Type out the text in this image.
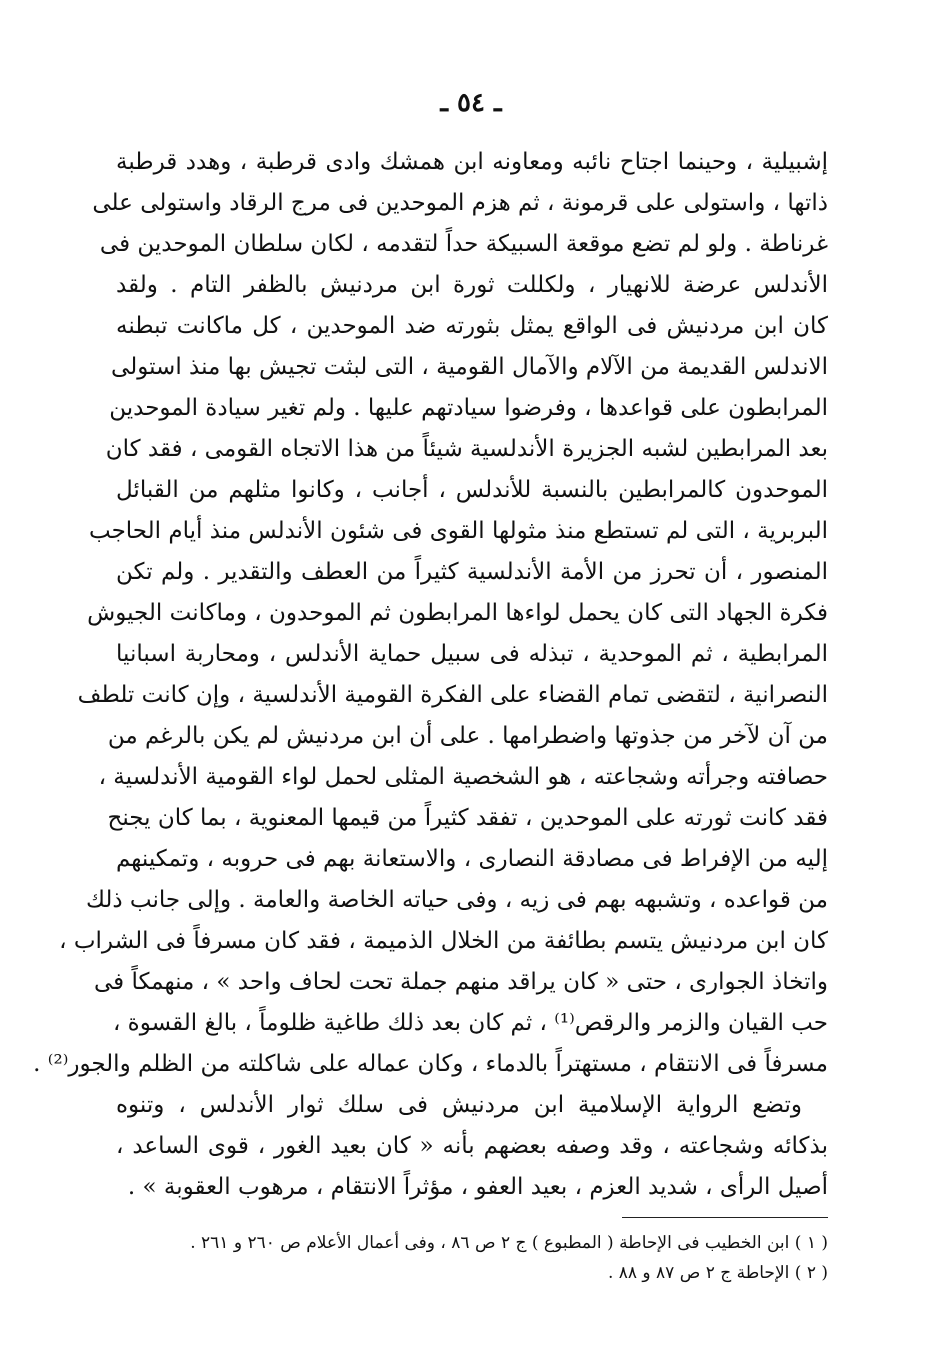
ـ ٥٤ ـ
إشبيلية ، وحينما اجتاح نائبه ومعاونه ابن همشك وادى قرطبة ، وهدد قرطبة
ذاتها ، واستولى على قرمونة ، ثم هزم الموحدين فى مرج الرقاد واستولى على
غرناطة . ولو لم تضع موقعة السبيكة حداً لتقدمه ، لكان سلطان الموحدين فى
الأندلس عرضة للانهيار ، ولكللت ثورة ابن مردنيش بالظفر التام . ولقد
كان ابن مردنيش فى الواقع يمثل بثورته ضد الموحدين ، كل ماكانت تبطنه
الاندلس القديمة من الآلام والآمال القومية ، التى لبثت تجيش بها منذ استولى
المرابطون على قواعدها ، وفرضوا سيادتهم عليها . ولم تغير سيادة الموحدين
بعد المرابطين لشبه الجزيرة الأندلسية شيئاً من هذا الاتجاه القومى ، فقد كان
الموحدون كالمرابطين بالنسبة للأندلس ، أجانب ، وكانوا مثلهم من القبائل
البربرية ، التى لم تستطع منذ مثولها القوى فى شئون الأندلس منذ أيام الحاجب
المنصور ، أن تحرز من الأمة الأندلسية كثيراً من العطف والتقدير . ولم تكن
فكرة الجهاد التى كان يحمل لواءها المرابطون ثم الموحدون ، وماكانت الجيوش
المرابطية ، ثم الموحدية ، تبذله فى سبيل حماية الأندلس ، ومحاربة اسبانيا
النصرانية ، لتقضى تمام القضاء على الفكرة القومية الأندلسية ، وإن كانت تلطف
من آن لآخر من جذوتها واضطرامها . على أن ابن مردنيش لم يكن بالرغم من
حصافته وجرأته وشجاعته ، هو الشخصية المثلى لحمل لواء القومية الأندلسية ،
فقد كانت ثورته على الموحدين ، تفقد كثيراً من قيمها المعنوية ، بما كان يجنح
إليه من الإفراط فى مصادقة النصارى ، والاستعانة بهم فى حروبه ، وتمكينهم
من قواعده ، وتشبهه بهم فى زيه ، وفى حياته الخاصة والعامة . وإلى جانب ذلك
كان ابن مردنيش يتسم بطائفة من الخلال الذميمة ، فقد كان مسرفاً فى الشراب ،
واتخاذ الجوارى ، حتى « كان يراقد منهم جملة تحت لحاف واحد » ، منهمكاً فى
حب القيان والزمر والرقص⁽¹⁾ ، ثم كان بعد ذلك طاغية ظلوماً ، بالغ القسوة ،
مسرفاً فى الانتقام ، مستهتراً بالدماء ، وكان عماله على شاكلته من الظلم والجور⁽²⁾ .
وتضع الرواية الإسلامية ابن مردنيش فى سلك ثوار الأندلس ، وتنوه
بذكائه وشجاعته ، وقد وصفه بعضهم بأنه « كان بعيد الغور ، قوى الساعد ،
أصيل الرأى ، شديد العزم ، بعيد العفو ، مؤثراً الانتقام ، مرهوب العقوبة » .
( ١ ) ابن الخطيب فى الإحاطة ( المطبوع ) ج ٢ ص ٨٦ ، وفى أعمال الأعلام ص ٢٦٠ و ٢٦١ .
( ٢ ) الإحاطة ج ٢ ص ٨٧ و ٨٨ .
